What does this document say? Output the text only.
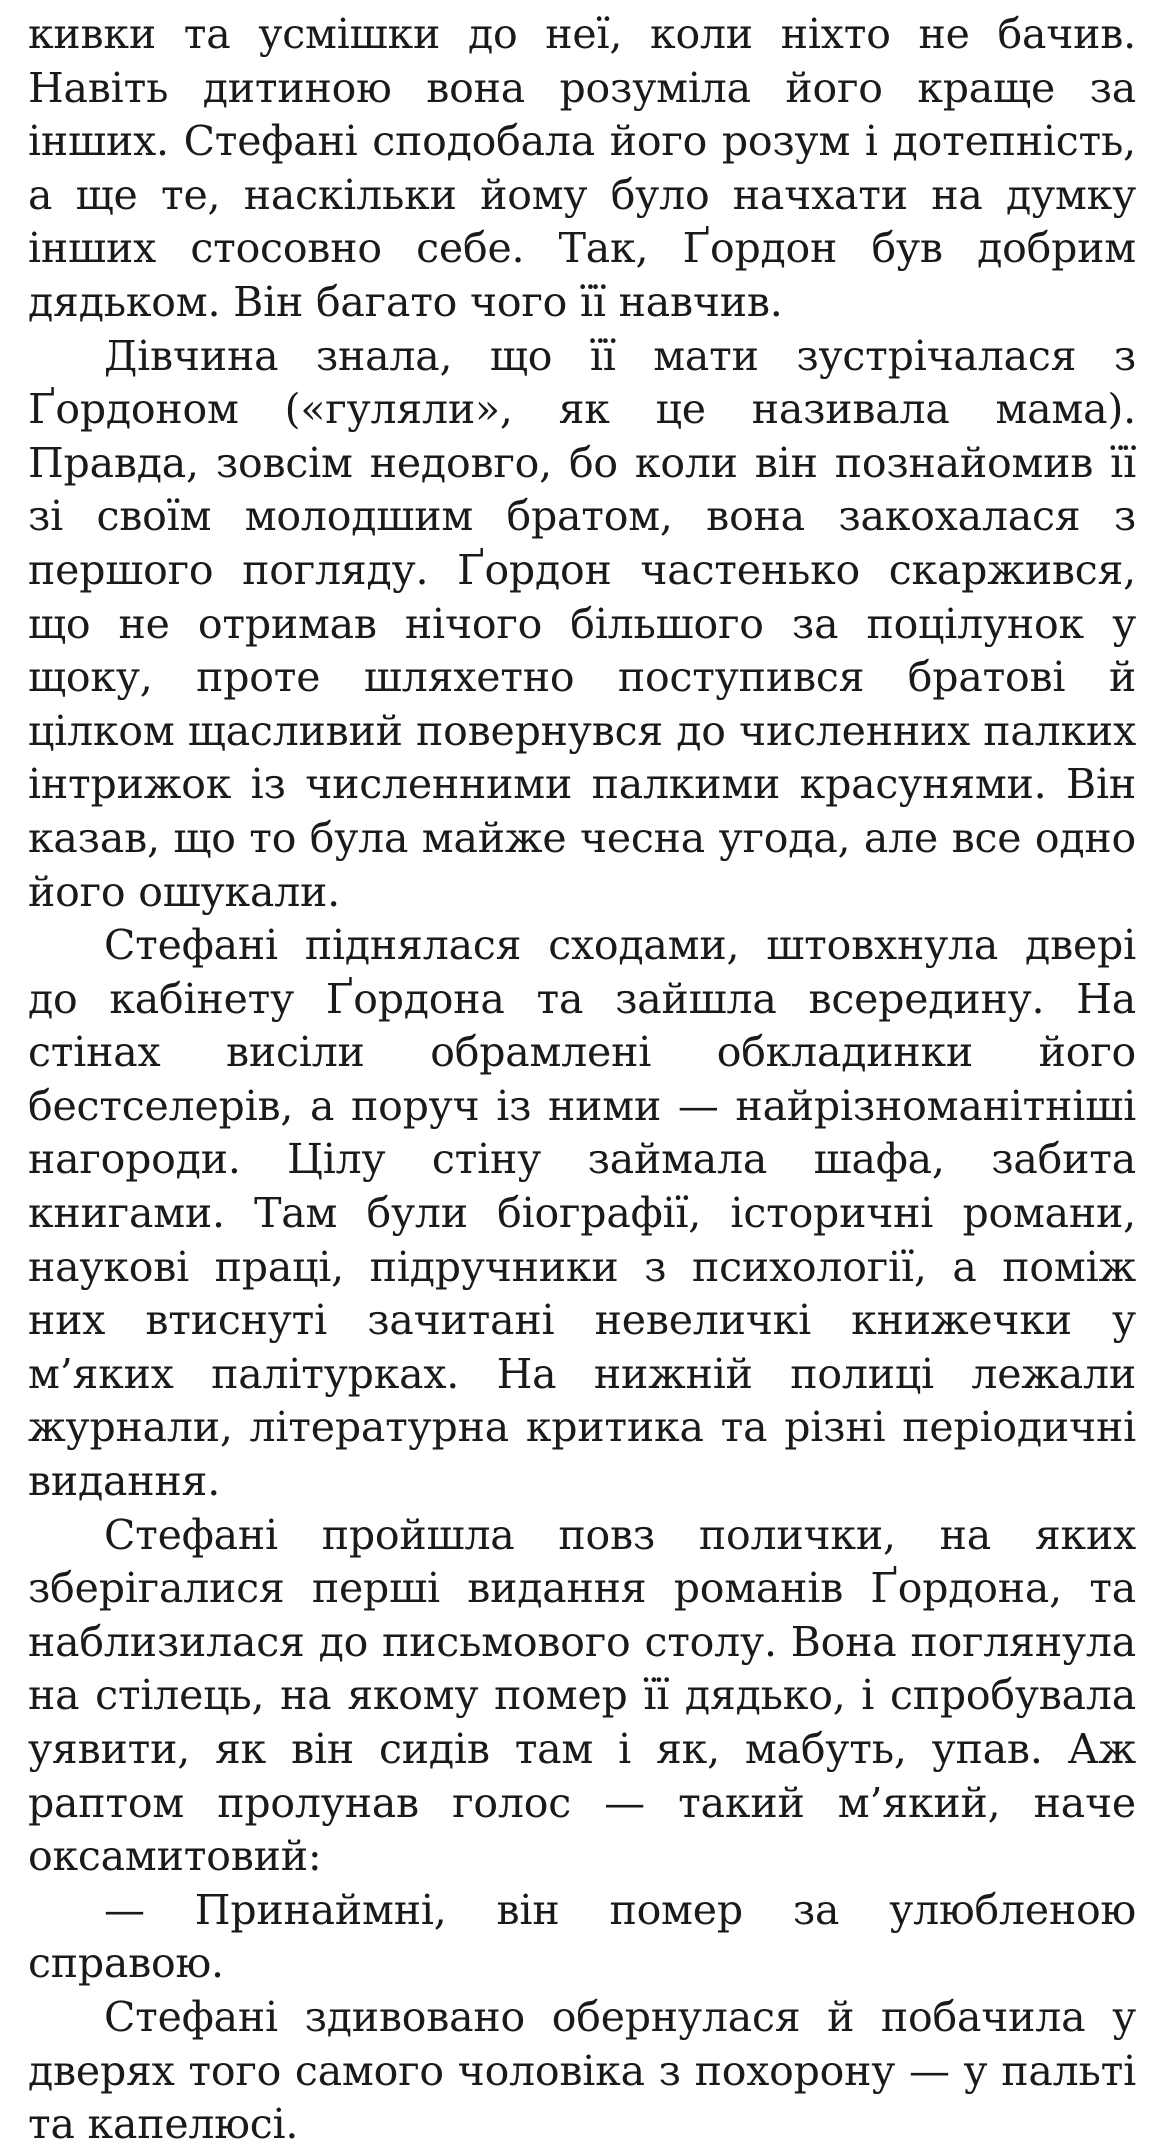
кивки та усмішки до неї, коли ніхто не бачив. Навіть дитиною вона розуміла його краще за інших. Стефані сподобала його розум і дотепність, а ще те, наскільки йому було начхати на думку інших стосовно себе. Так, Ґордон був добрим дядьком. Він багато чого її навчив.

Дівчина знала, що її мати зустрічалася з Ґордоном («гуляли», як це називала мама). Правда, зовсім недовго, бо коли він познайомив її зі своїм молодшим братом, вона закохалася з першого погляду. Ґордон частенько скаржився, що не отримав нічого більшого за поцілунок у щоку, проте шляхетно поступився братові й цілком щасливий повернувся до численних палких інтрижок із численними палкими красунями. Він казав, що то була майже чесна угода, але все одно його ошукали.

Стефані піднялася сходами, штовхнула двері до кабінету Ґордона та зайшла всередину. На стінах висіли обрамлені обкладинки його бестселерів, а поруч із ними — найрізноманітніші нагороди. Цілу стіну займала шафа, забита книгами. Там були біографії, історичні романи, наукові праці, підручники з психології, а поміж них втиснуті зачитані невеличкі книжечки у м’яких палітурках. На нижній полиці лежали журнали, літературна критика та різні періодичні видання.

Стефані пройшла повз полички, на яких зберігалися перші видання романів Ґордона, та наблизилася до письмового столу. Вона поглянула на стілець, на якому помер її дядько, і спробувала уявити, як він сидів там і як, мабуть, упав. Аж раптом пролунав голос — такий м’який, наче оксамитовий:

— Принаймні, він помер за улюбленою справою.

Стефані здивовано обернулася й побачила у дверях того самого чоловіка з похорону — у пальті та капелюсі.
